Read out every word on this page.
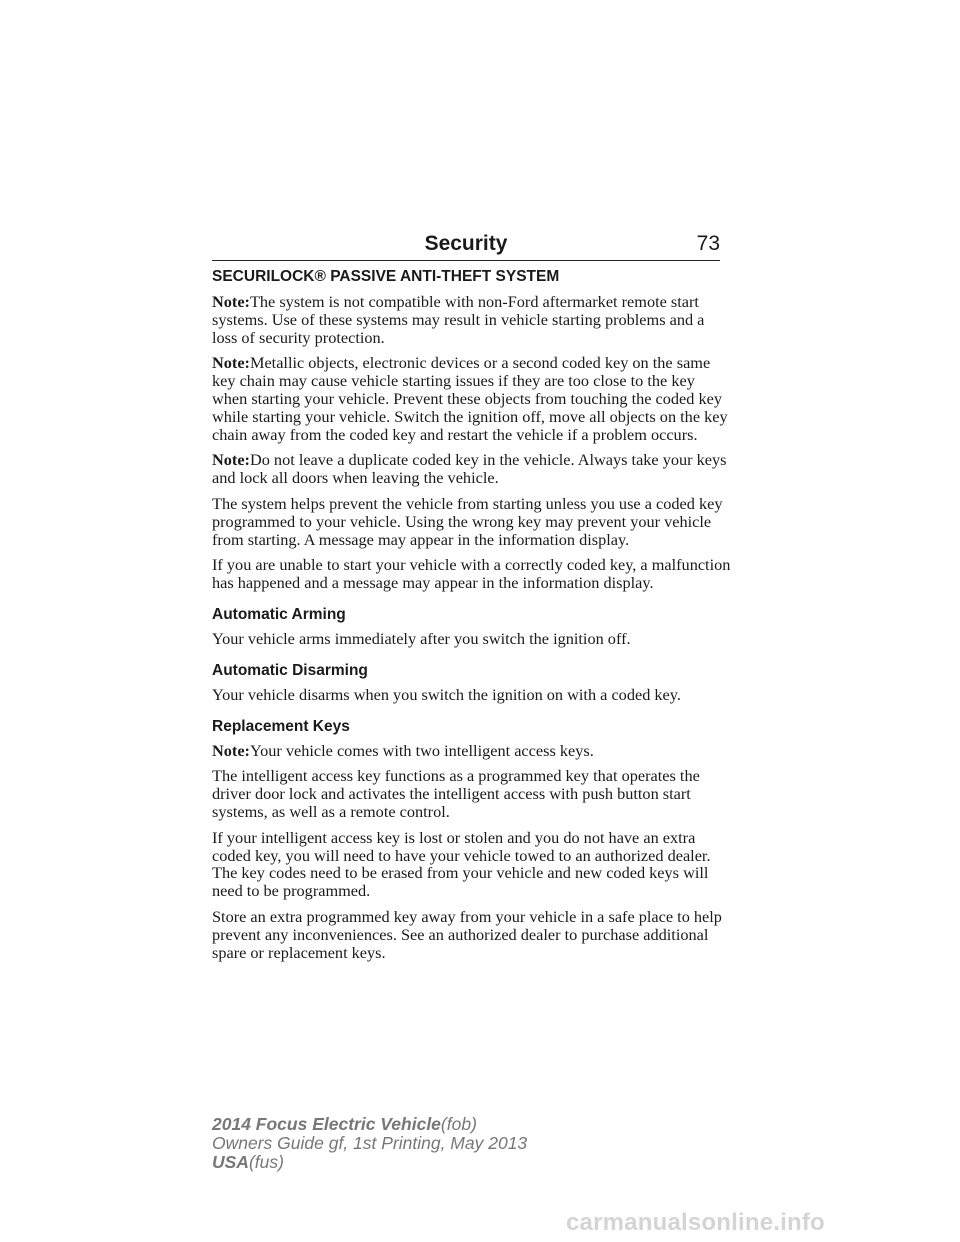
Security	73
SECURILOCK® PASSIVE ANTI-THEFT SYSTEM

Note:The system is not compatible with non-Ford aftermarket remote start systems. Use of these systems may result in vehicle starting problems and a loss of security protection.

Note:Metallic objects, electronic devices or a second coded key on the same key chain may cause vehicle starting issues if they are too close to the key when starting your vehicle. Prevent these objects from touching the coded key while starting your vehicle. Switch the ignition off, move all objects on the key chain away from the coded key and restart the vehicle if a problem occurs.

Note:Do not leave a duplicate coded key in the vehicle. Always take your keys and lock all doors when leaving the vehicle.

The system helps prevent the vehicle from starting unless you use a coded key programmed to your vehicle. Using the wrong key may prevent your vehicle from starting. A message may appear in the information display.

If you are unable to start your vehicle with a correctly coded key, a malfunction has happened and a message may appear in the information display.

Automatic Arming

Your vehicle arms immediately after you switch the ignition off.

Automatic Disarming

Your vehicle disarms when you switch the ignition on with a coded key.

Replacement Keys

Note:Your vehicle comes with two intelligent access keys.

The intelligent access key functions as a programmed key that operates the driver door lock and activates the intelligent access with push button start systems, as well as a remote control.

If your intelligent access key is lost or stolen and you do not have an extra coded key, you will need to have your vehicle towed to an authorized dealer. The key codes need to be erased from your vehicle and new coded keys will need to be programmed.

Store an extra programmed key away from your vehicle in a safe place to help prevent any inconveniences. See an authorized dealer to purchase additional spare or replacement keys.

2014 Focus Electric Vehicle(fob)
Owners Guide gf, 1st Printing, May 2013
USA(fus)
carmanualsonline.info
